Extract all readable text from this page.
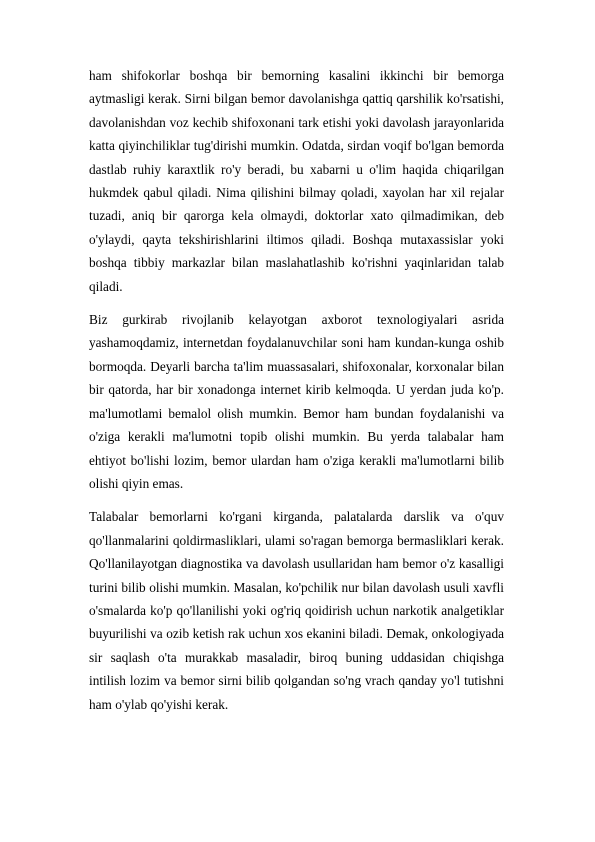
ham shifokorlar boshqa bir bemorning kasalini ikkinchi bir bemorga aytmasligi kerak. Sirni bilgan bemor davolanishga qattiq qarshilik ko'rsatishi, davolanishdan voz kechib shifoxonani tark etishi yoki davolash jarayonlarida katta qiyinchiliklar tug'dirishi mumkin. Odatda, sirdan voqif bo'lgan bemorda dastlab ruhiy karaxtlik ro'y beradi, bu xabarni u o'lim haqida chiqarilgan hukmdek qabul qiladi. Nima qilishini bilmay qoladi, xayolan har xil rejalar tuzadi, aniq bir qarorga kela olmaydi, doktorlar xato qilmadimikan, deb o'ylaydi, qayta tekshirishlarini iltimos qiladi. Boshqa mutaxassislar yoki boshqa tibbiy markazlar bilan maslahatlashib ko'rishni yaqinlaridan talab qiladi.

Biz gurkirab rivojlanib kelayotgan axborot texnologiyalari asrida yashamoqdamiz, internetdan foydalanuvchilar soni ham kundan-kunga oshib bormoqda. Deyarli barcha ta'lim muassasalari, shifoxonalar, korxonalar bilan bir qatorda, har bir xonadonga internet kirib kelmoqda. U yerdan juda ko'p. ma'lumotlami bemalol olish mumkin. Bemor ham bundan foydalanishi va o'ziga kerakli ma'lumotni topib olishi mumkin. Bu yerda talabalar ham ehtiyot bo'lishi lozim, bemor ulardan ham o'ziga kerakli ma'lumotlarni bilib olishi qiyin emas.

Talabalar bemorlarni ko'rgani kirganda, palatalarda darslik va o'quv qo'llanmalarini qoldirmasliklari, ulami so'ragan bemorga bermasliklari kerak. Qo'llanilayotgan diagnostika va davolash usullaridan ham bemor o'z kasalligi turini bilib olishi mumkin. Masalan, ko'pchilik nur bilan davolash usuli xavfli o'smalarda ko'p qo'llanilishi yoki og'riq qoidirish uchun narkotik analgetiklar buyurilishi va ozib ketish rak uchun xos ekanini biladi. Demak, onkologiyada sir saqlash o'ta murakkab masaladir, biroq buning uddasidan chiqishga intilish lozim va bemor sirni bilib qolgandan so'ng vrach qanday yo'l tutishni ham o'ylab qo'yishi kerak.
